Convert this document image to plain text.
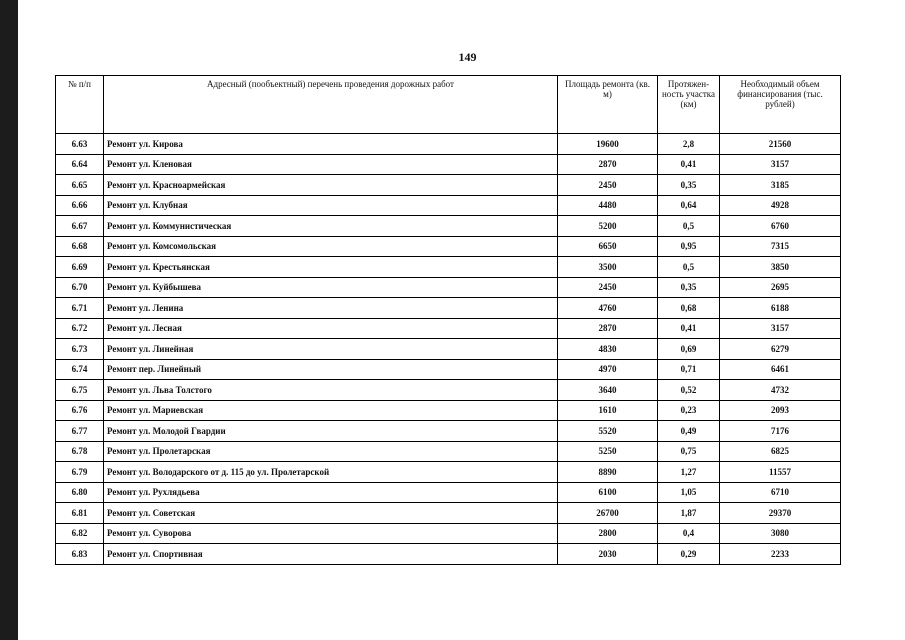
149
№ п/п	Адресный (пообъектный) перечень проведения дорожных работ	Площадь ремонта (кв. м)	Протяжен-ность участка (км)	Необходимый объем финансирования (тыс. рублей)
6.63	Ремонт ул. Кирова	19600	2,8	21560
6.64	Ремонт ул. Кленовая	2870	0,41	3157
6.65	Ремонт ул. Красноармейская	2450	0,35	3185
6.66	Ремонт ул. Клубная	4480	0,64	4928
6.67	Ремонт ул. Коммунистическая	5200	0,5	6760
6.68	Ремонт ул. Комсомольская	6650	0,95	7315
6.69	Ремонт ул. Крестьянская	3500	0,5	3850
6.70	Ремонт ул. Куйбышева	2450	0,35	2695
6.71	Ремонт ул. Ленина	4760	0,68	6188
6.72	Ремонт ул. Лесная	2870	0,41	3157
6.73	Ремонт ул. Линейная	4830	0,69	6279
6.74	Ремонт пер. Линейный	4970	0,71	6461
6.75	Ремонт ул. Льва Толстого	3640	0,52	4732
6.76	Ремонт ул. Мариевская	1610	0,23	2093
6.77	Ремонт ул. Молодой Гвардии	5520	0,49	7176
6.78	Ремонт ул. Пролетарская	5250	0,75	6825
6.79	Ремонт ул. Володарского от д. 115 до ул. Пролетарской	8890	1,27	11557
6.80	Ремонт ул. Рухлядьева	6100	1,05	6710
6.81	Ремонт ул. Советская	26700	1,87	29370
6.82	Ремонт ул. Суворова	2800	0,4	3080
6.83	Ремонт ул. Спортивная	2030	0,29	2233
